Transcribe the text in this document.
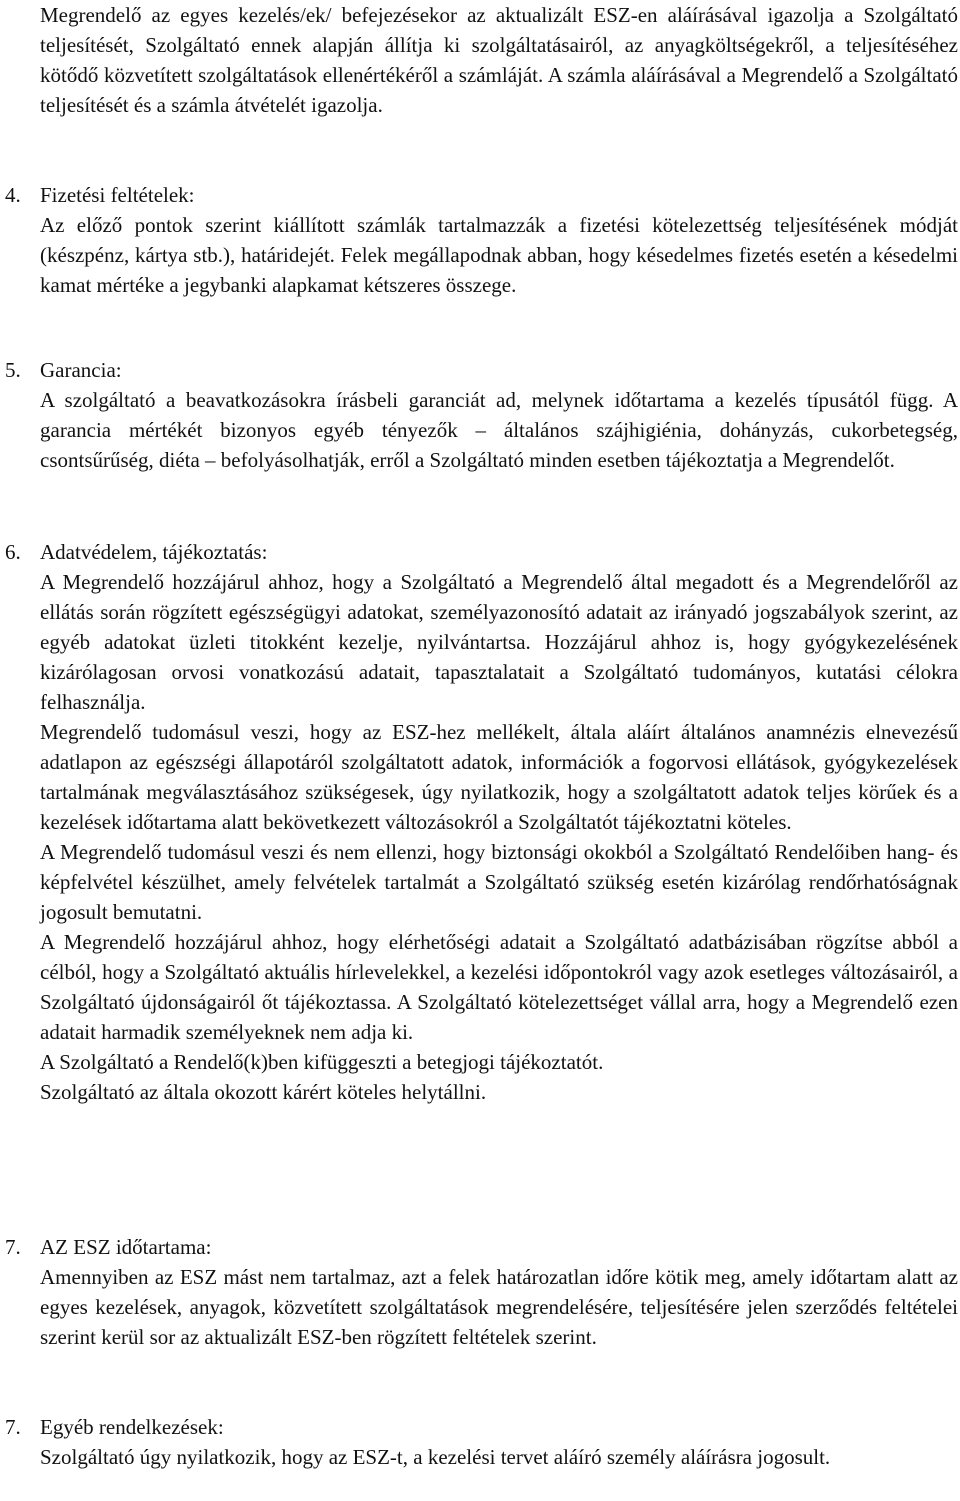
Megrendelő az egyes kezelés/ek/ befejezésekor az aktualizált ESZ-en aláírásával igazolja a Szolgáltató teljesítését, Szolgáltató ennek alapján állítja ki szolgáltatásairól, az anyagköltségekről, a teljesítéséhez kötődő közvetített szolgáltatások ellenértékéről a számláját. A számla aláírásával a Megrendelő a Szolgáltató teljesítését és a számla átvételét igazolja.

4. Fizetési feltételek:

Az előző pontok szerint kiállított számlák tartalmazzák a fizetési kötelezettség teljesítésének módját (készpénz, kártya stb.), határidejét. Felek megállapodnak abban, hogy késedelmes fizetés esetén a késedelmi kamat mértéke a jegybanki alapkamat kétszeres összege.

5. Garancia:

A szolgáltató a beavatkozásokra írásbeli garanciát ad, melynek időtartama a kezelés típusától függ. A garancia mértékét bizonyos egyéb tényezők – általános szájhigiénia, dohányzás, cukorbetegség, csontsűrűség, diéta – befolyásolhatják, erről a Szolgáltató minden esetben tájékoztatja a Megrendelőt.

6. Adatvédelem, tájékoztatás:

A Megrendelő hozzájárul ahhoz, hogy a Szolgáltató a Megrendelő által megadott és a Megrendelőről az ellátás során rögzített egészségügyi adatokat, személyazonosító adatait az irányadó jogszabályok szerint, az egyéb adatokat üzleti titokként kezelje, nyilvántartsa. Hozzájárul ahhoz is, hogy gyógykezelésének kizárólagosan orvosi vonatkozású adatait, tapasztalatait a Szolgáltató tudományos, kutatási célokra felhasználja.

Megrendelő tudomásul veszi, hogy az ESZ-hez mellékelt, általa aláírt általános anamnézis elnevezésű adatlapon az egészségi állapotáról szolgáltatott adatok, információk a fogorvosi ellátások, gyógykezelések tartalmának megválasztásához szükségesek, úgy nyilatkozik, hogy a szolgáltatott adatok teljes körűek és a kezelések időtartama alatt bekövetkezett változásokról a Szolgáltatót tájékoztatni köteles.

A Megrendelő tudomásul veszi és nem ellenzi, hogy biztonsági okokból a Szolgáltató Rendelőiben hang- és képfelvétel készülhet, amely felvételek tartalmát a Szolgáltató szükség esetén kizárólag rendőrhatóságnak jogosult bemutatni.

A Megrendelő hozzájárul ahhoz, hogy elérhetőségi adatait a Szolgáltató adatbázisában rögzítse abból a célból, hogy a Szolgáltató aktuális hírlevelekkel, a kezelési időpontokról vagy azok esetleges változásairól, a Szolgáltató újdonságairól őt tájékoztassa. A Szolgáltató kötelezettséget vállal arra, hogy a Megrendelő ezen adatait harmadik személyeknek nem adja ki.

A Szolgáltató a Rendelő(k)ben kifüggeszti a betegjogi tájékoztatót.

Szolgáltató az általa okozott kárért köteles helytállni.

7. AZ ESZ időtartama:

Amennyiben az ESZ mást nem tartalmaz, azt a felek határozatlan időre kötik meg, amely időtartam alatt az egyes kezelések, anyagok, közvetített szolgáltatások megrendelésére, teljesítésére jelen szerződés feltételei szerint kerül sor az aktualizált ESZ-ben rögzített feltételek szerint.

7. Egyéb rendelkezések:

Szolgáltató úgy nyilatkozik, hogy az ESZ-t, a kezelési tervet aláíró személy aláírásra jogosult.
